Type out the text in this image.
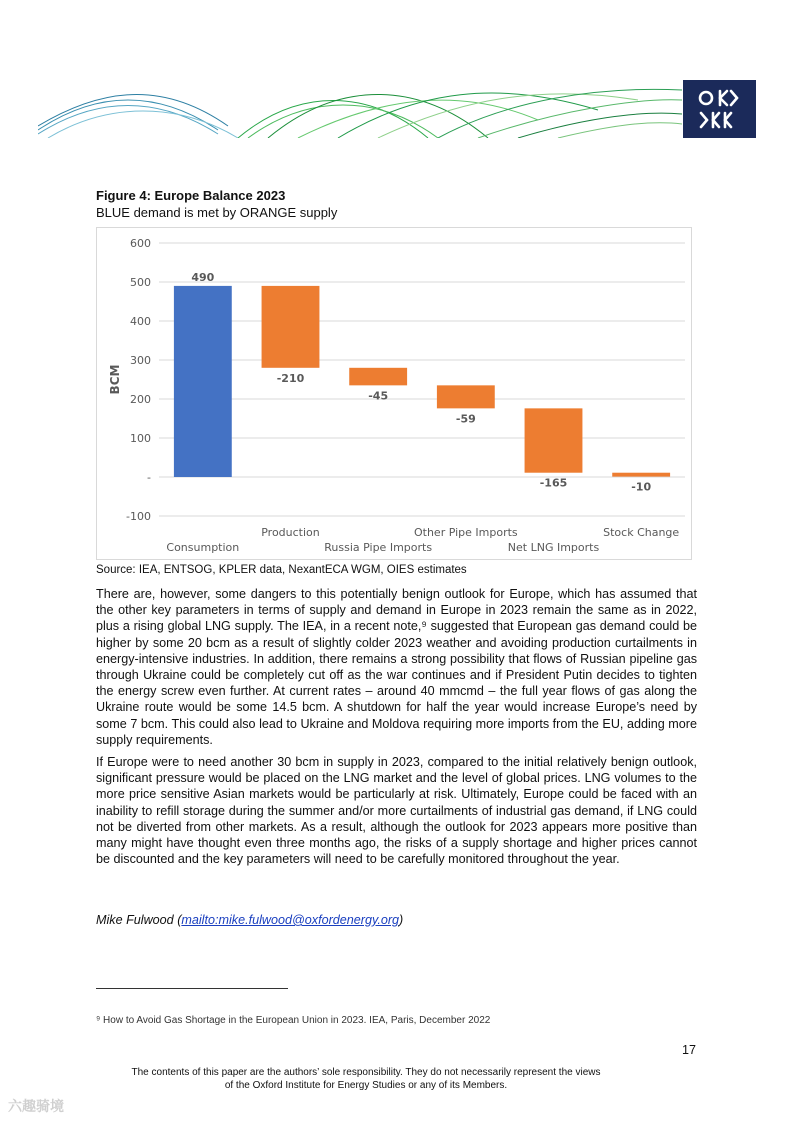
Figure 4: Europe Balance 2023
BLUE demand is met by ORANGE supply
600
500
400
300
200
100
-
-100
BCM
490
-210
-45
-59
-165	-10
Consumption
Production
Russia Pipe Imports
Other Pipe Imports
Net LNG Imports
Stock Change
Source: IEA, ENTSOG, KPLER data, NexantECA WGM, OIES estimates

There are, however, some dangers to this potentially benign outlook for Europe, which has assumed that the other key parameters in terms of supply and demand in Europe in 2023 remain the same as in 2022, plus a rising global LNG supply. The IEA, in a recent note,⁹ suggested that European gas demand could be higher by some 20 bcm as a result of slightly colder 2023 weather and avoiding production curtailments in energy-intensive industries. In addition, there remains a strong possibility that flows of Russian pipeline gas through Ukraine could be completely cut off as the war continues and if President Putin decides to tighten the energy screw even further. At current rates – around 40 mmcmd – the full year flows of gas along the Ukraine route would be some 14.5 bcm. A shutdown for half the year would increase Europe’s need by some 7 bcm. This could also lead to Ukraine and Moldova requiring more imports from the EU, adding more supply requirements.

If Europe were to need another 30 bcm in supply in 2023, compared to the initial relatively benign outlook, significant pressure would be placed on the LNG market and the level of global prices. LNG volumes to the more price sensitive Asian markets would be particularly at risk. Ultimately, Europe could be faced with an inability to refill storage during the summer and/or more curtailments of industrial gas demand, if LNG could not be diverted from other markets. As a result, although the outlook for 2023 appears more positive than many might have thought even three months ago, the risks of a supply shortage and higher prices cannot be discounted and the key parameters will need to be carefully monitored throughout the year.

Mike Fulwood (mailto:mike.fulwood@oxfordenergy.org)
⁹ How to Avoid Gas Shortage in the European Union in 2023. IEA, Paris, December 2022
17
The contents of this paper are the authors’ sole responsibility. They do not necessarily represent the views
of the Oxford Institute for Energy Studies or any of its Members.
六趣骑境
